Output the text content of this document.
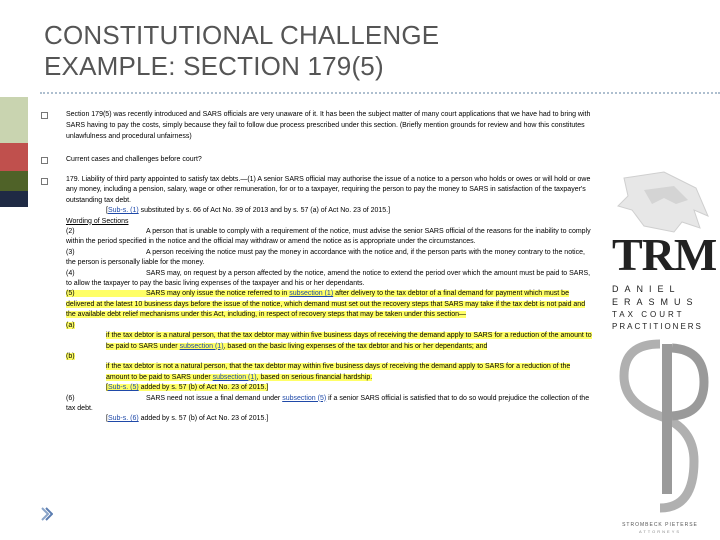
CONSTITUTIONAL CHALLENGE
EXAMPLE: SECTION 179(5)
Section 179(5) was recently introduced and SARS officials are very unaware of it. It has been the subject matter of many court applications that we have had to bring with SARS having to pay the costs, simply because they fail to follow due process prescribed under this section. (Briefly mention grounds for review and how this constitutes unlawfulness and procedural unfairness)
Current cases and challenges before court?
179. Liability of third party appointed to satisfy tax debts.—(1) A senior SARS official may authorise the issue of a notice to a person who holds or owes or will hold or owe any money, including a pension, salary, wage or other remuneration, for or to a taxpayer, requiring the person to pay the money to SARS in satisfaction of the taxpayer's outstanding tax debt.
[Sub-s. (1) substituted by s. 66 of Act No. 39 of 2013 and by s. 57 (a) of Act No. 23 of 2015.]
Wording of Sections
(2)	A person that is unable to comply with a requirement of the notice, must advise the senior SARS official of the reasons for the inability to comply within the period specified in the notice and the official may withdraw or amend the notice as is appropriate under the circumstances.
(3)	A person receiving the notice must pay the money in accordance with the notice and, if the person parts with the money contrary to the notice, the person is personally liable for the money.
(4)	SARS may, on request by a person affected by the notice, amend the notice to extend the period over which the amount must be paid to SARS, to allow the taxpayer to pay the basic living expenses of the taxpayer and his or her dependants.
(5)	SARS may only issue the notice referred to in subsection (1) after delivery to the tax debtor of a final demand for payment which must be delivered at the latest 10 business days before the issue of the notice, which demand must set out the recovery steps that SARS may take if the tax debt is not paid and the available debt relief mechanisms under this Act, including, in respect of recovery steps that may be taken under this section—
(a)
if the tax debtor is a natural person, that the tax debtor may within five business days of receiving the demand apply to SARS for a reduction of the amount to be paid to SARS under subsection (1), based on the basic living expenses of the tax debtor and his or her dependants; and
(b)
if the tax debtor is not a natural person, that the tax debtor may within five business days of receiving the demand apply to SARS for a reduction of the amount to be paid to SARS under subsection (1), based on serious financial hardship.
[Sub-s. (5) added by s. 57 (b) of Act No. 23 of 2015.]
(6)	SARS need not issue a final demand under subsection (5) if a senior SARS official is satisfied that to do so would prejudice the collection of the tax debt.
[Sub-s. (6) added by s. 57 (b) of Act No. 23 of 2015.]
TRM
DANIEL
ERASMUS
TAX COURT
PRACTITIONERS
STROMBECK PIETERSE
ATTORNEYS
